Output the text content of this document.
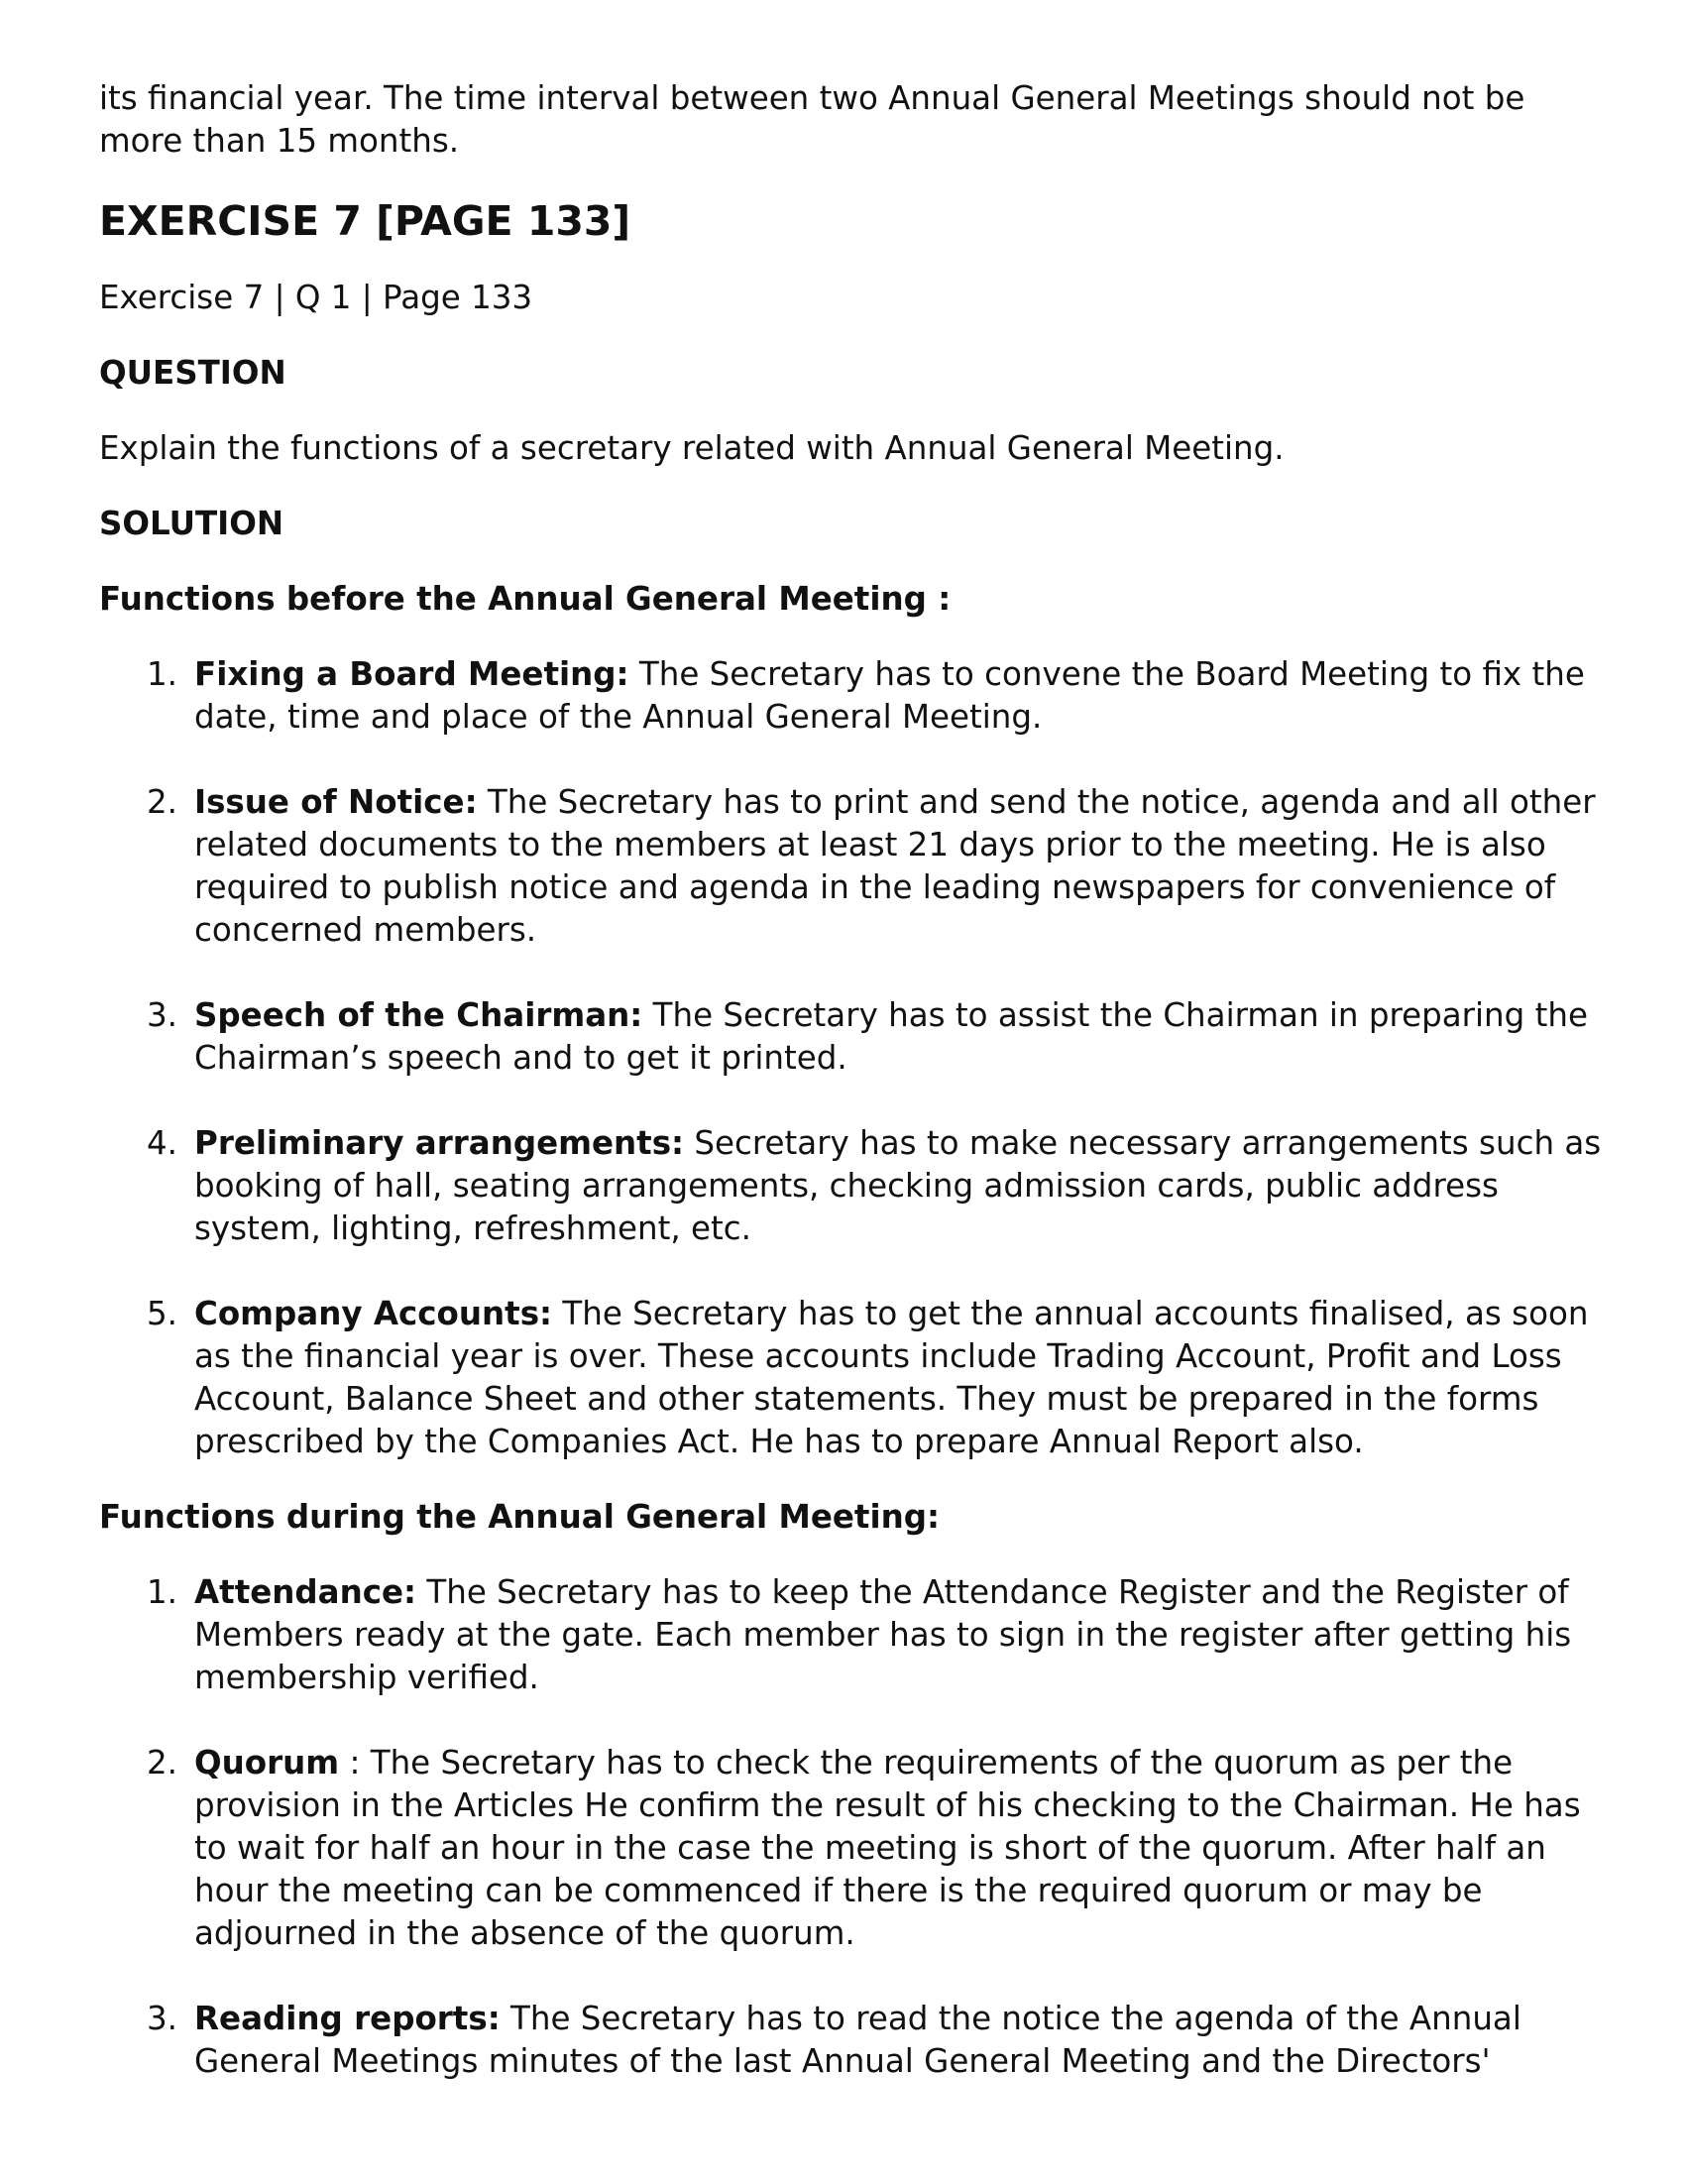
its financial year. The time interval between two Annual General Meetings should not be more than 15 months.

EXERCISE 7 [PAGE 133]

Exercise 7 | Q 1 | Page 133

QUESTION

Explain the functions of a secretary related with Annual General Meeting.

SOLUTION

Functions before the Annual General Meeting :

1. Fixing a Board Meeting: The Secretary has to convene the Board Meeting to fix the date, time and place of the Annual General Meeting.
2. Issue of Notice: The Secretary has to print and send the notice, agenda and all other related documents to the members at least 21 days prior to the meeting. He is also required to publish notice and agenda in the leading newspapers for convenience of concerned members.
3. Speech of the Chairman: The Secretary has to assist the Chairman in preparing the Chairman’s speech and to get it printed.
4. Preliminary arrangements: Secretary has to make necessary arrangements such as booking of hall, seating arrangements, checking admission cards, public address system, lighting, refreshment, etc.
5. Company Accounts: The Secretary has to get the annual accounts finalised, as soon as the financial year is over. These accounts include Trading Account, Profit and Loss Account, Balance Sheet and other statements. They must be prepared in the forms prescribed by the Companies Act. He has to prepare Annual Report also.

Functions during the Annual General Meeting:

1. Attendance: The Secretary has to keep the Attendance Register and the Register of Members ready at the gate. Each member has to sign in the register after getting his membership verified.
2. Quorum : The Secretary has to check the requirements of the quorum as per the provision in the Articles He confirm the result of his checking to the Chairman. He has to wait for half an hour in the case the meeting is short of the quorum. After half an hour the meeting can be commenced if there is the required quorum or may be adjourned in the absence of the quorum.
3. Reading reports: The Secretary has to read the notice the agenda of the Annual General Meetings minutes of the last Annual General Meeting and the Directors'
